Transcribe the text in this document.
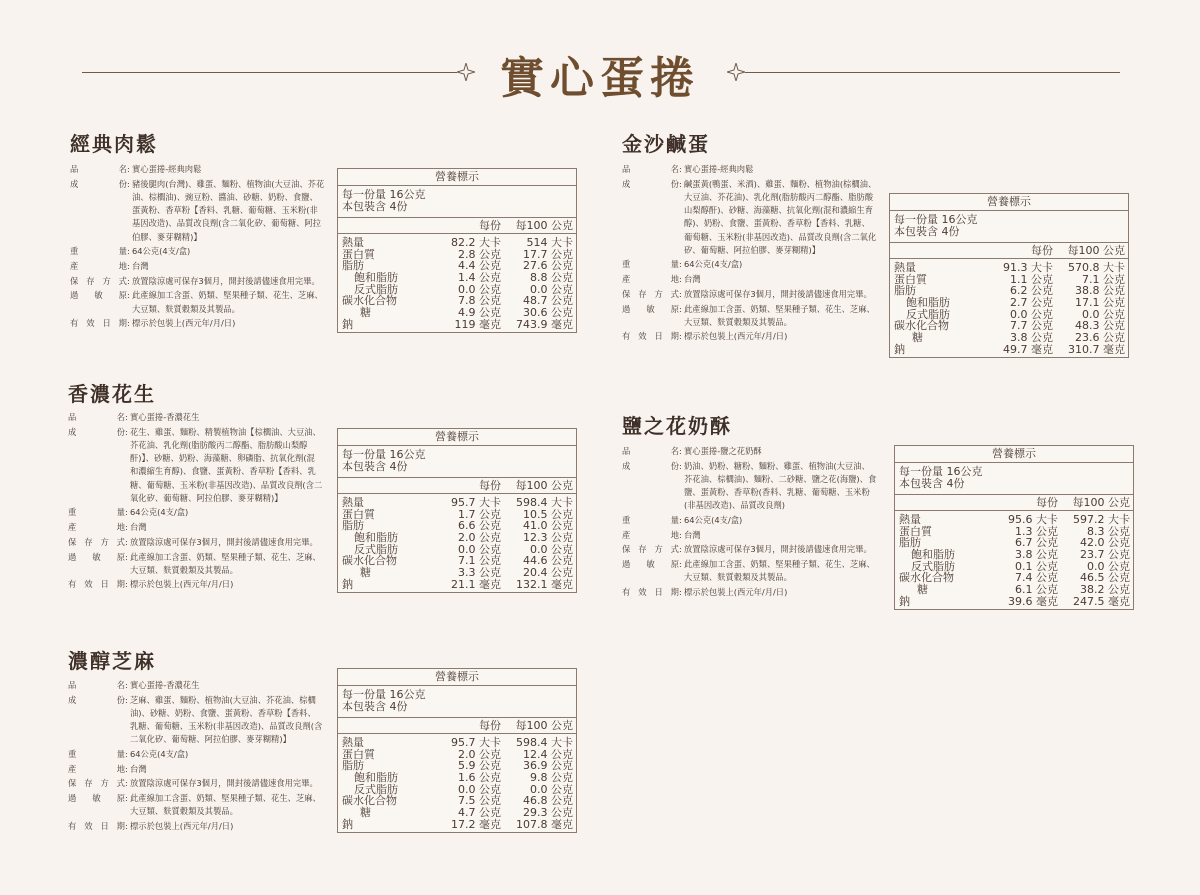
實心蛋捲
經典肉鬆
品	名 : 實心蛋捲-經典肉鬆
成	份 : 豬後腿肉(台灣)、雞蛋、麵粉、植物油(大豆油、芥花油、棕櫚油)、豌豆粉、醬油、砂糖、奶粉、食鹽、蛋黃粉、香草粉【香料、乳糖、葡萄糖、玉米粉(非基因改造)、品質改良劑(含二氧化矽、葡萄糖、阿拉伯膠、麥芽糊精)】
重	量 : 64公克(4支/盒)
產	地 : 台灣
保 存 方 式 : 放置陰涼處可保存3個月，開封後請儘速食用完畢。
過 敏 原 : 此產線加工含蛋、奶類、堅果種子類、花生、芝麻、大豆類、麩質穀類及其製品。
有 效 日 期 : 標示於包裝上(西元年/月/日)
營養標示
每一份量 16公克
本包裝含 4份
每份	每100 公克
熱量	82.2 大卡	514 大卡
蛋白質	2.8 公克	17.7 公克
脂肪	4.4 公克	27.6 公克
飽和脂肪	1.4 公克	8.8 公克
反式脂肪	0.0 公克	0.0 公克
碳水化合物	7.8 公克	48.7 公克
糖	4.9 公克	30.6 公克
鈉	119 毫克	743.9 毫克
香濃花生
品	名 : 實心蛋捲-香濃花生
成	份 : 花生、雞蛋、麵粉、精製植物油【棕櫚油、大豆油、芥花油、乳化劑(脂肪酸丙二醇酯、脂肪酸山梨醇酐)】、砂糖、奶粉、海藻糖、卵磷脂、抗氧化劑(混和濃縮生育醇)、食鹽、蛋黃粉、香草粉【香料、乳糖、葡萄糖、玉米粉(非基因改造)、品質改良劑(含二氧化矽、葡萄糖、阿拉伯膠、麥芽糊精)】
重	量 : 64公克(4支/盒)
產	地 : 台灣
保 存 方 式 : 放置陰涼處可保存3個月，開封後請儘速食用完畢。
過 敏 原 : 此產線加工含蛋、奶類、堅果種子類、花生、芝麻、大豆類、麩質穀類及其製品。
有 效 日 期 : 標示於包裝上(西元年/月/日)
營養標示
每一份量 16公克
本包裝含 4份
每份	每100 公克
熱量	95.7 大卡	598.4 大卡
蛋白質	1.7 公克	10.5 公克
脂肪	6.6 公克	41.0 公克
飽和脂肪	2.0 公克	12.3 公克
反式脂肪	0.0 公克	0.0 公克
碳水化合物	7.1 公克	44.6 公克
糖	3.3 公克	20.4 公克
鈉	21.1 毫克	132.1 毫克
濃醇芝麻
品	名 : 實心蛋捲-香濃花生
成	份 : 芝麻、雞蛋、麵粉、植物油(大豆油、芥花油、棕櫚油)、砂糖、奶粉、食鹽、蛋黃粉、香草粉【香料、乳糖、葡萄糖、玉米粉(非基因改造)、品質改良劑(含二氧化矽、葡萄糖、阿拉伯膠、麥芽糊精)】
重	量 : 64公克(4支/盒)
產	地 : 台灣
保 存 方 式 : 放置陰涼處可保存3個月，開封後請儘速食用完畢。
過 敏 原 : 此產線加工含蛋、奶類、堅果種子類、花生、芝麻、大豆類、麩質穀類及其製品。
有 效 日 期 : 標示於包裝上(西元年/月/日)
營養標示
每一份量 16公克
本包裝含 4份
每份	每100 公克
熱量	95.7 大卡	598.4 大卡
蛋白質	2.0 公克	12.4 公克
脂肪	5.9 公克	36.9 公克
飽和脂肪	1.6 公克	9.8 公克
反式脂肪	0.0 公克	0.0 公克
碳水化合物	7.5 公克	46.8 公克
糖	4.7 公克	29.3 公克
鈉	17.2 毫克	107.8 毫克
金沙鹹蛋
品	名 : 實心蛋捲-經典肉鬆
成	份 : 鹹蛋黃(鴨蛋、米酒)、雞蛋、麵粉、植物油(棕櫚油、大豆油、芥花油)、乳化劑(脂肪酸丙二醇酯、脂肪酸山梨醇酐)、砂糖、海藻糖、抗氧化劑(混和濃縮生育醇)、奶粉、食鹽、蛋黃粉、香草粉【香料、乳糖、葡萄糖、玉米粉(非基因改造)、品質改良劑(含二氧化矽、葡萄糖、阿拉伯膠、麥芽糊精)】
重	量 : 64公克(4支/盒)
產	地 : 台灣
保 存 方 式 : 放置陰涼處可保存3個月，開封後請儘速食用完畢。
過 敏 原 : 此產線加工含蛋、奶類、堅果種子類、花生、芝麻、大豆類、麩質穀類及其製品。
有 效 日 期 : 標示於包裝上(西元年/月/日)
營養標示
每一份量 16公克
本包裝含 4份
每份	每100 公克
熱量	91.3 大卡	570.8 大卡
蛋白質	1.1 公克	7.1 公克
脂肪	6.2 公克	38.8 公克
飽和脂肪	2.7 公克	17.1 公克
反式脂肪	0.0 公克	0.0 公克
碳水化合物	7.7 公克	48.3 公克
糖	3.8 公克	23.6 公克
鈉	49.7 毫克	310.7 毫克
鹽之花奶酥
品	名 : 實心蛋捲-鹽之花奶酥
成	份 : 奶油、奶粉、糖粉、麵粉、雞蛋、植物油(大豆油、芥花油、棕櫚油)、麵粉、二砂糖、鹽之花(海鹽)、食鹽、蛋黃粉、香草粉(香料、乳糖、葡萄糖、玉米粉(非基因改造)、品質改良劑)
重	量 : 64公克(4支/盒)
產	地 : 台灣
保 存 方 式 : 放置陰涼處可保存3個月，開封後請儘速食用完畢。
過 敏 原 : 此產線加工含蛋、奶類、堅果種子類、花生、芝麻、大豆類、麩質穀類及其製品。
有 效 日 期 : 標示於包裝上(西元年/月/日)
營養標示
每一份量 16公克
本包裝含 4份
每份	每100 公克
熱量	95.6 大卡	597.2 大卡
蛋白質	1.3 公克	8.3 公克
脂肪	6.7 公克	42.0 公克
飽和脂肪	3.8 公克	23.7 公克
反式脂肪	0.1 公克	0.0 公克
碳水化合物	7.4 公克	46.5 公克
糖	6.1 公克	38.2 公克
鈉	39.6 毫克	247.5 毫克
